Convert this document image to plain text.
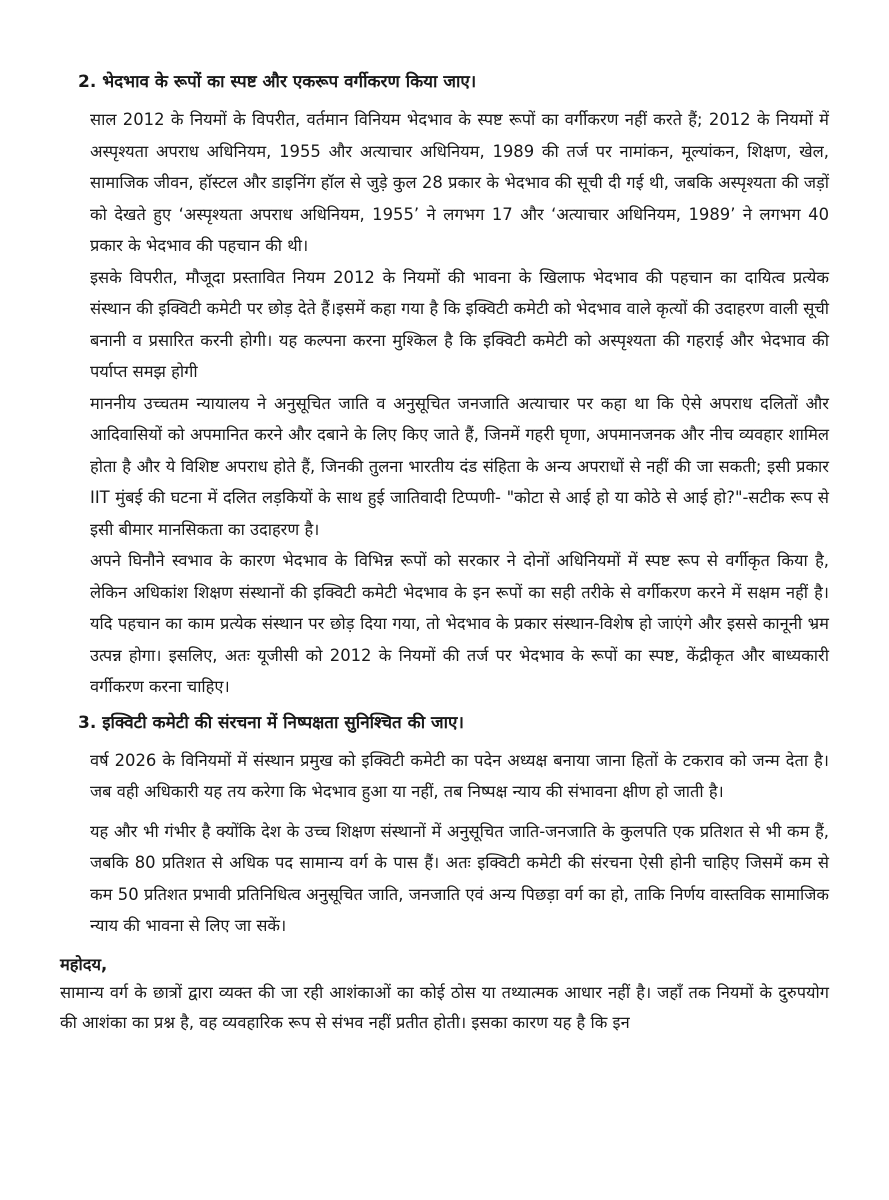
2. भेदभाव के रूपों का स्पष्ट और एकरूप वर्गीकरण किया जाए।

साल 2012 के नियमों के विपरीत, वर्तमान विनियम भेदभाव के स्पष्ट रूपों का वर्गीकरण नहीं करते हैं; 2012 के नियमों में अस्पृश्यता अपराध अधिनियम, 1955 और अत्याचार अधिनियम, 1989 की तर्ज पर नामांकन, मूल्यांकन, शिक्षण, खेल, सामाजिक जीवन, हॉस्टल और डाइनिंग हॉल से जुड़े कुल 28 प्रकार के भेदभाव की सूची दी गई थी, जबकि अस्पृश्यता की जड़ों को देखते हुए ‘अस्पृश्यता अपराध अधिनियम, 1955’ ने लगभग 17 और ‘अत्याचार अधिनियम, 1989’ ने लगभग 40 प्रकार के भेदभाव की पहचान की थी।

इसके विपरीत, मौजूदा प्रस्तावित नियम 2012 के नियमों की भावना के खिलाफ भेदभाव की पहचान का दायित्व प्रत्येक संस्थान की इक्विटी कमेटी पर छोड़ देते हैं।इसमें कहा गया है कि इक्विटी कमेटी को भेदभाव वाले कृत्यों की उदाहरण वाली सूची बनानी व प्रसारित करनी होगी। यह कल्पना करना मुश्किल है कि इक्विटी कमेटी को अस्पृश्यता की गहराई और भेदभाव की पर्याप्त समझ होगी

माननीय उच्चतम न्यायालय ने अनुसूचित जाति व अनुसूचित जनजाति अत्याचार पर कहा था कि ऐसे अपराध दलितों और आदिवासियों को अपमानित करने और दबाने के लिए किए जाते हैं, जिनमें गहरी घृणा, अपमानजनक और नीच व्यवहार शामिल होता है और ये विशिष्ट अपराध होते हैं, जिनकी तुलना भारतीय दंड संहिता के अन्य अपराधों से नहीं की जा सकती; इसी प्रकार IIT मुंबई की घटना में दलित लड़कियों के साथ हुई जातिवादी टिप्पणी- "कोटा से आई हो या कोठे से आई हो?"-सटीक रूप से इसी बीमार मानसिकता का उदाहरण है।

अपने घिनौने स्वभाव के कारण भेदभाव के विभिन्न रूपों को सरकार ने दोनों अधिनियमों में स्पष्ट रूप से वर्गीकृत किया है, लेकिन अधिकांश शिक्षण संस्थानों की इक्विटी कमेटी भेदभाव के इन रूपों का सही तरीके से वर्गीकरण करने में सक्षम नहीं है। यदि पहचान का काम प्रत्येक संस्थान पर छोड़ दिया गया, तो भेदभाव के प्रकार संस्थान-विशेष हो जाएंगे और इससे कानूनी भ्रम उत्पन्न होगा। इसलिए, अतः यूजीसी को 2012 के नियमों की तर्ज पर भेदभाव के रूपों का स्पष्ट, केंद्रीकृत और बाध्यकारी वर्गीकरण करना चाहिए।

3. इक्विटी कमेटी की संरचना में निष्पक्षता सुनिश्चित की जाए।

वर्ष 2026 के विनियमों में संस्थान प्रमुख को इक्विटी कमेटी का पदेन अध्यक्ष बनाया जाना हितों के टकराव को जन्म देता है। जब वही अधिकारी यह तय करेगा कि भेदभाव हुआ या नहीं, तब निष्पक्ष न्याय की संभावना क्षीण हो जाती है।

यह और भी गंभीर है क्योंकि देश के उच्च शिक्षण संस्थानों में अनुसूचित जाति-जनजाति के कुलपति एक प्रतिशत से भी कम हैं, जबकि 80 प्रतिशत से अधिक पद सामान्य वर्ग के पास हैं। अतः इक्विटी कमेटी की संरचना ऐसी होनी चाहिए जिसमें कम से कम 50 प्रतिशत प्रभावी प्रतिनिधित्व अनुसूचित जाति, जनजाति एवं अन्य पिछड़ा वर्ग का हो, ताकि निर्णय वास्तविक सामाजिक न्याय की भावना से लिए जा सकें।

महोदय,

सामान्य वर्ग के छात्रों द्वारा व्यक्त की जा रही आशंकाओं का कोई ठोस या तथ्यात्मक आधार नहीं है। जहाँ तक नियमों के दुरुपयोग की आशंका का प्रश्न है, वह व्यवहारिक रूप से संभव नहीं प्रतीत होती। इसका कारण यह है कि इन
